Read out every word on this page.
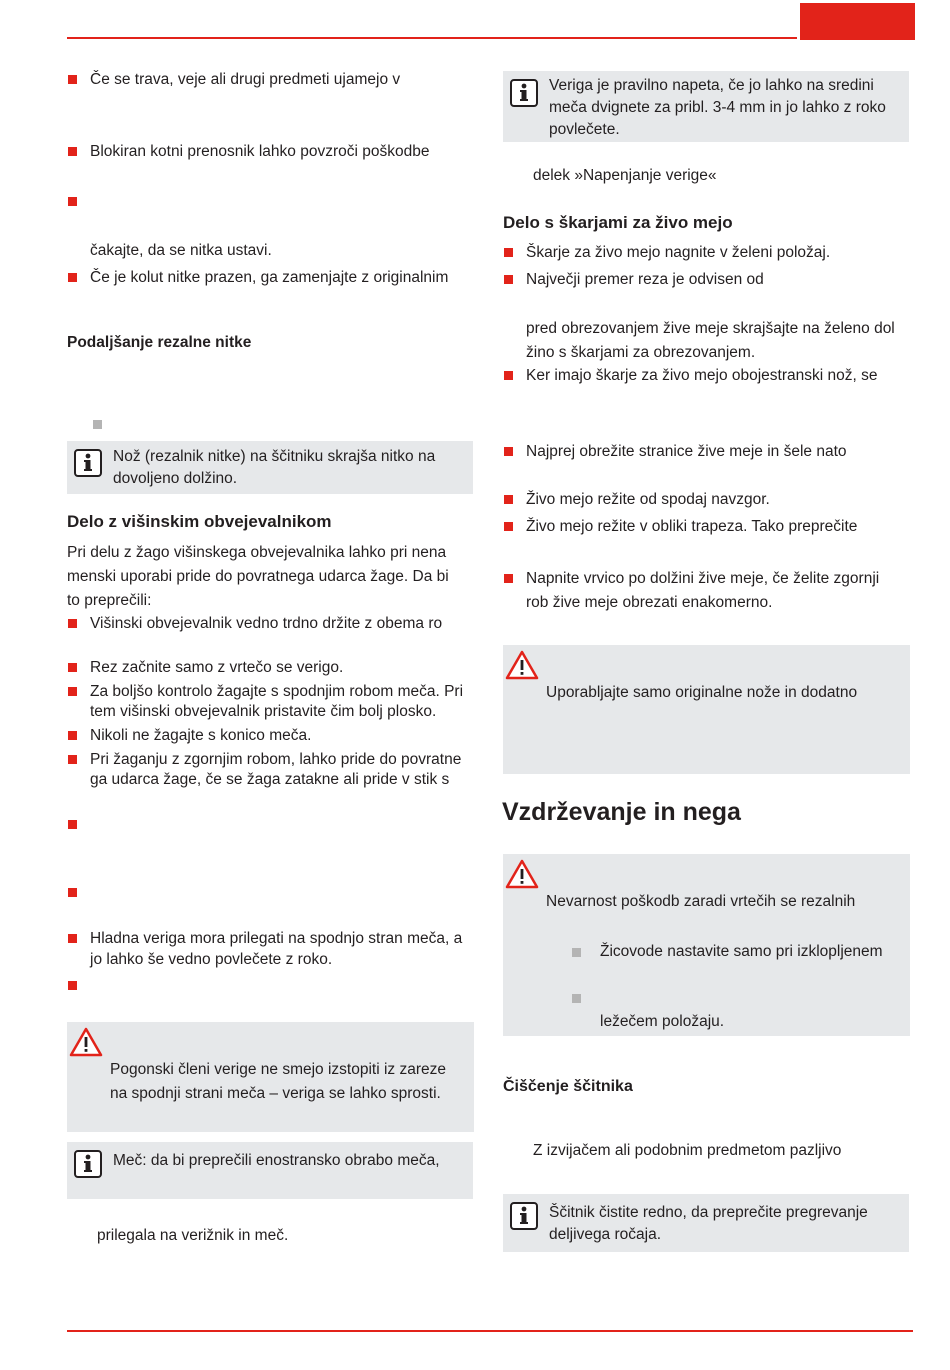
Če se trava, veje ali drugi predmeti ujamejo v
Blokiran kotni prenosnik lahko povzroči poškodbe
čakajte, da se nitka ustavi.
Če je kolut nitke prazen, ga zamenjajte z originalnim
Podaljšanje rezalne nitke
Nož (rezalnik nitke) na ščitniku skrajša nitko na
dovoljeno dolžino.
Delo z višinskim obvejevalnikom
Pri delu z žago višinskega obvejevalnika lahko pri nena
menski uporabi pride do povratnega udarca žage. Da bi
to preprečili:
Višinski obvejevalnik vedno trdno držite z obema ro
Rez začnite samo z vrtečo se verigo.
Za boljšo kontrolo žagajte s spodnjim robom meča. Pri
tem višinski obvejevalnik pristavite čim bolj plosko.
Nikoli ne žagajte s konico meča.
Pri žaganju z zgornjim robom, lahko pride do povratne
ga udarca žage, če se žaga zatakne ali pride v stik s
Hladna veriga mora prilegati na spodnjo stran meča, a
jo lahko še vedno povlečete z roko.
Pogonski členi verige ne smejo izstopiti iz zareze
na spodnji strani meča – veriga se lahko sprosti.
Meč: da bi preprečili enostransko obrabo meča,
prilegala na verižnik in meč.
Veriga je pravilno napeta, če jo lahko na sredini
meča dvignete za pribl. 3-4 mm in jo lahko z roko
povlečete.
delek »Napenjanje verige«
Delo s škarjami za živo mejo
Škarje za živo mejo nagnite v želeni položaj.
Največji premer reza je odvisen od
pred obrezovanjem žive meje skrajšajte na želeno dol
žino s škarjami za obrezovanjem.
Ker imajo škarje za živo mejo obojestranski nož, se
Najprej obrežite stranice žive meje in šele nato
Živo mejo režite od spodaj navzgor.
Živo mejo režite v obliki trapeza. Tako preprečite
Napnite vrvico po dolžini žive meje, če želite zgornji
rob žive meje obrezati enakomerno.
Uporabljajte samo originalne nože in dodatno
Vzdrževanje in nega
Nevarnost poškodb zaradi vrtečih se rezalnih
Žicovode nastavite samo pri izklopljenem
ležečem položaju.
Čiščenje ščitnika
Z izvijačem ali podobnim predmetom pazljivo
Ščitnik čistite redno, da preprečite pregrevanje
deljivega ročaja.
